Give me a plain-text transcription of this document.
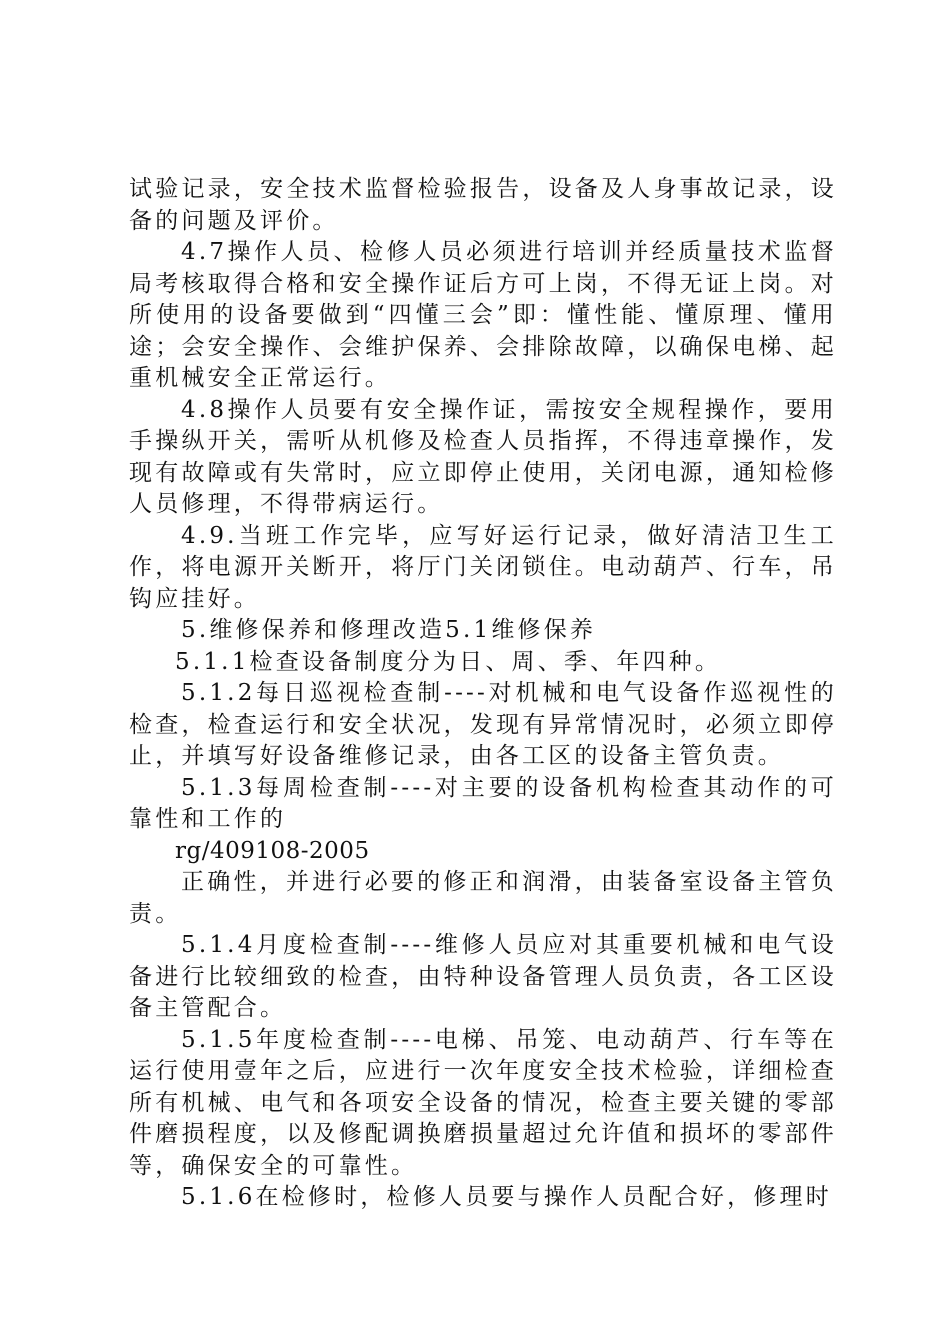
试验记录，安全技术监督检验报告，设备及人身事故记录，设备的问题及评价。

4.7操作人员、检修人员必须进行培训并经质量技术监督局考核取得合格和安全操作证后方可上岗，不得无证上岗。对所使用的设备要做到“四懂三会”即：懂性能、懂原理、懂用途；会安全操作、会维护保养、会排除故障，以确保电梯、起重机械安全正常运行。

4.8操作人员要有安全操作证，需按安全规程操作，要用手操纵开关，需听从机修及检查人员指挥，不得违章操作，发现有故障或有失常时，应立即停止使用，关闭电源，通知检修人员修理，不得带病运行。

4.9.当班工作完毕，应写好运行记录，做好清洁卫生工作，将电源开关断开，将厅门关闭锁住。电动葫芦、行车，吊钩应挂好。

5.维修保养和修理改造5.1维修保养

5.1.1检查设备制度分为日、周、季、年四种。

5.1.2每日巡视检查制----对机械和电气设备作巡视性的检查，检查运行和安全状况，发现有异常情况时，必须立即停止，并填写好设备维修记录，由各工区的设备主管负责。

5.1.3每周检查制----对主要的设备机构检查其动作的可靠性和工作的

rg/409108-2005

正确性，并进行必要的修正和润滑，由装备室设备主管负责。

5.1.4月度检查制----维修人员应对其重要机械和电气设备进行比较细致的检查，由特种设备管理人员负责，各工区设备主管配合。

5.1.5年度检查制----电梯、吊笼、电动葫芦、行车等在运行使用壹年之后，应进行一次年度安全技术检验，详细检查所有机械、电气和各项安全设备的情况，检查主要关键的零部件磨损程度，以及修配调换磨损量超过允许值和损坏的零部件等，确保安全的可靠性。

5.1.6在检修时，检修人员要与操作人员配合好，修理时
